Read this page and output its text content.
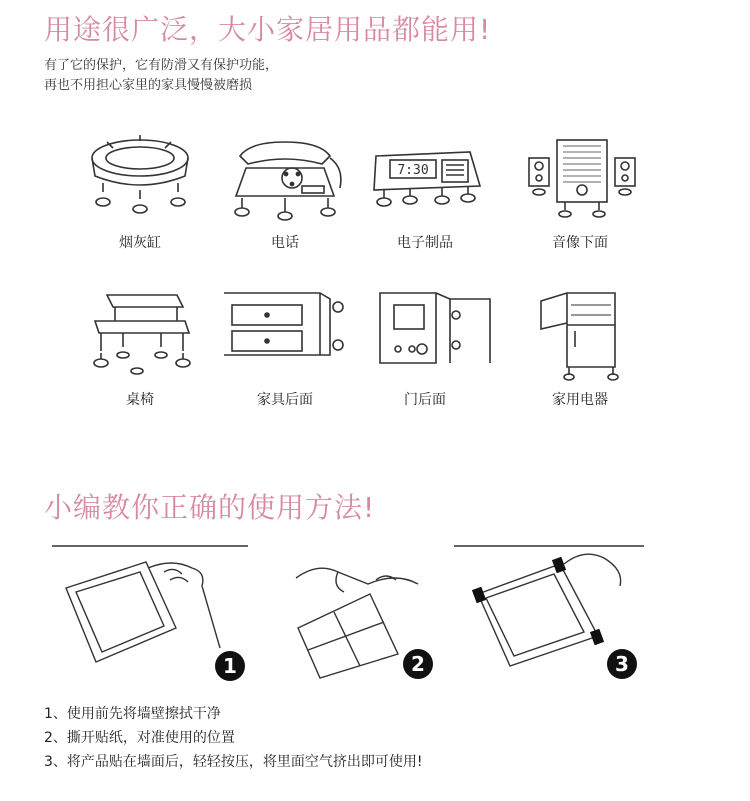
用途很广泛，大小家居用品都能用!
有了它的保护，它有防滑又有保护功能，
再也不用担心家里的家具慢慢被磨损
烟灰缸	电话
7:30
电子制品	音像下面
桌椅	家具后面	门后面	家用电器
小编教你正确的使用方法!
1	2	3
1、使用前先将墙壁擦拭干净
2、撕开贴纸，对准使用的位置
3、将产品贴在墙面后，轻轻按压，将里面空气挤出即可使用!
